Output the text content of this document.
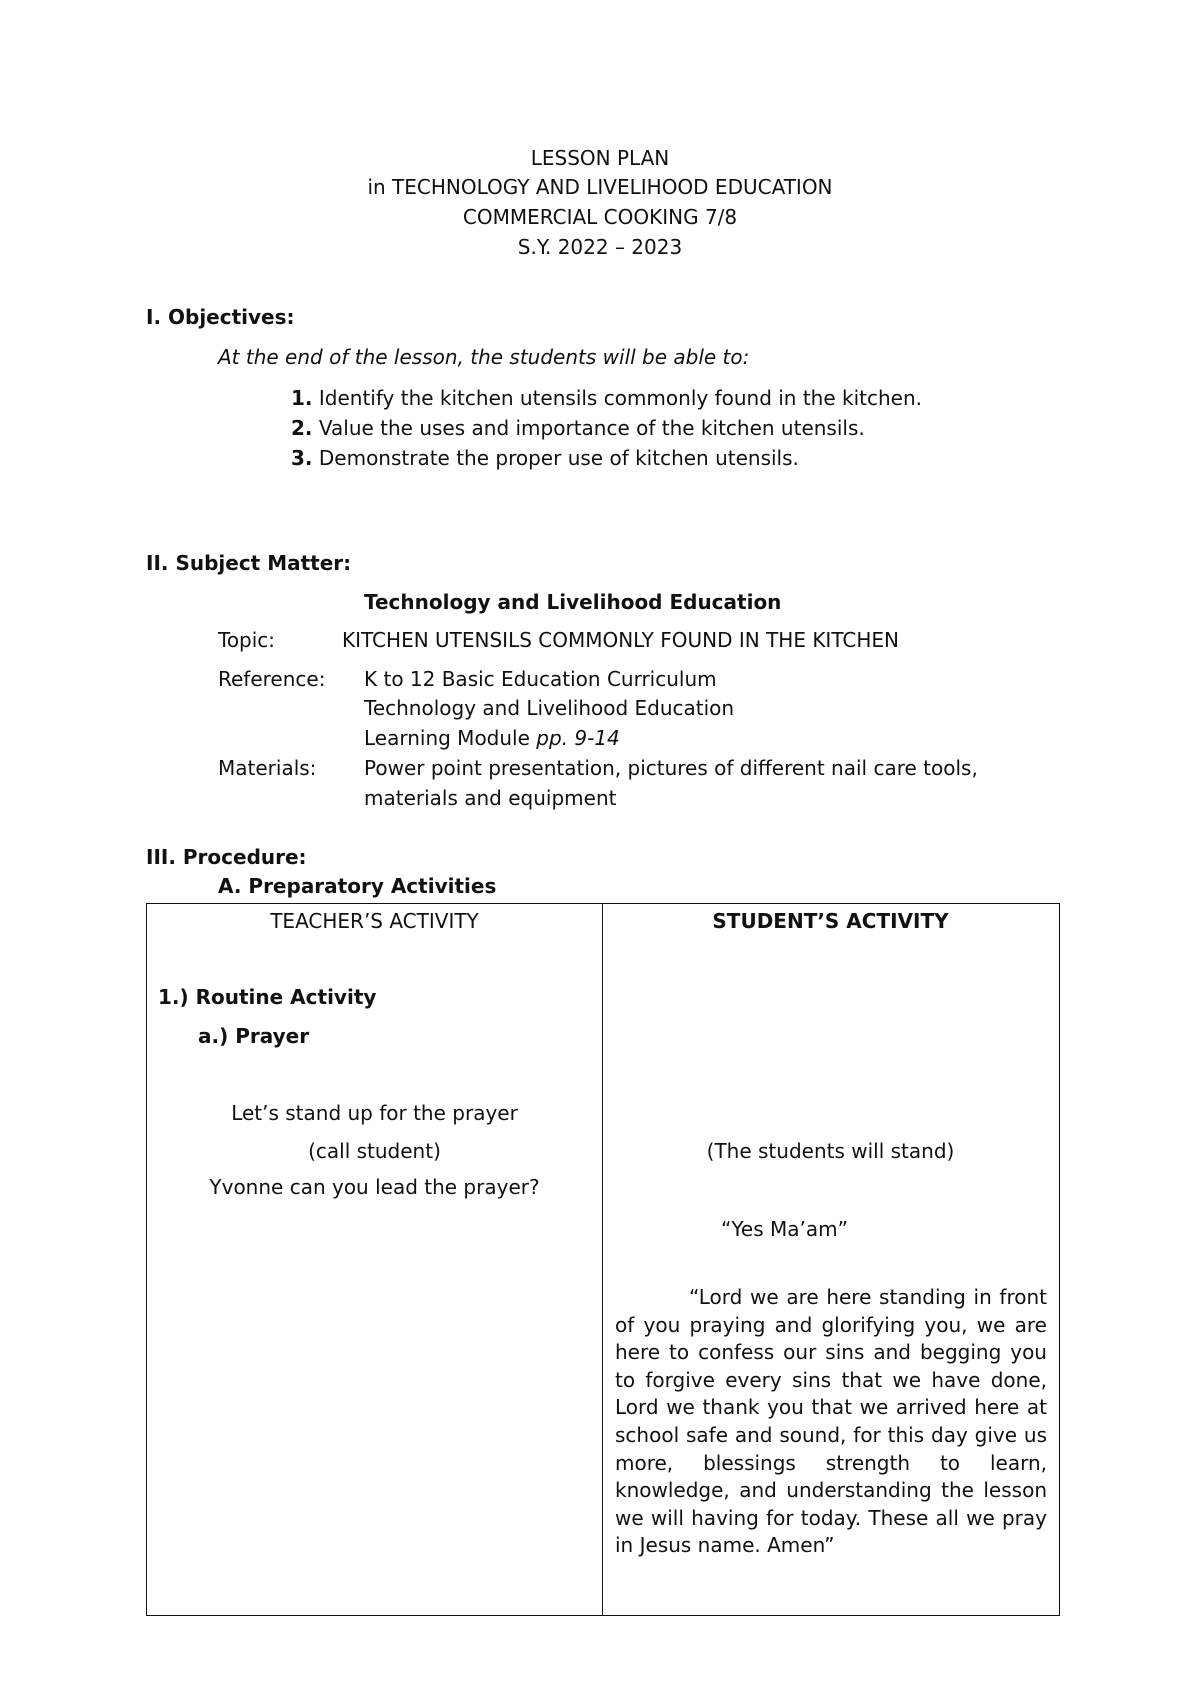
LESSON PLAN
in TECHNOLOGY AND LIVELIHOOD EDUCATION
COMMERCIAL COOKING 7/8
S.Y. 2022 – 2023
I. Objectives:
At the end of the lesson, the students will be able to:
1. Identify the kitchen utensils commonly found in the kitchen.
2. Value the uses and importance of the kitchen utensils.
3. Demonstrate the proper use of kitchen utensils.
II. Subject Matter:
Technology and Livelihood Education
Topic:	KITCHEN UTENSILS COMMONLY FOUND IN THE KITCHEN
Reference: K to 12 Basic Education Curriculum
Technology and Livelihood Education
Learning Module pp. 9-14
Materials: Power point presentation, pictures of different nail care tools,
materials and equipment
III. Procedure:
A. Preparatory Activities
TEACHER’S ACTIVITY	STUDENT’S ACTIVITY
1.) Routine Activity
a.) Prayer
Let’s stand up for the prayer
(call student)
Yvonne can you lead the prayer?
(The students will stand)
“Yes Ma’am”
“Lord we are here standing in front of you praying and glorifying you, we are here to confess our sins and begging you to forgive every sins that we have done, Lord we thank you that we arrived here at school safe and sound, for this day give us more, blessings strength to learn, knowledge, and understanding the lesson we will having for today. These all we pray in Jesus name. Amen”
